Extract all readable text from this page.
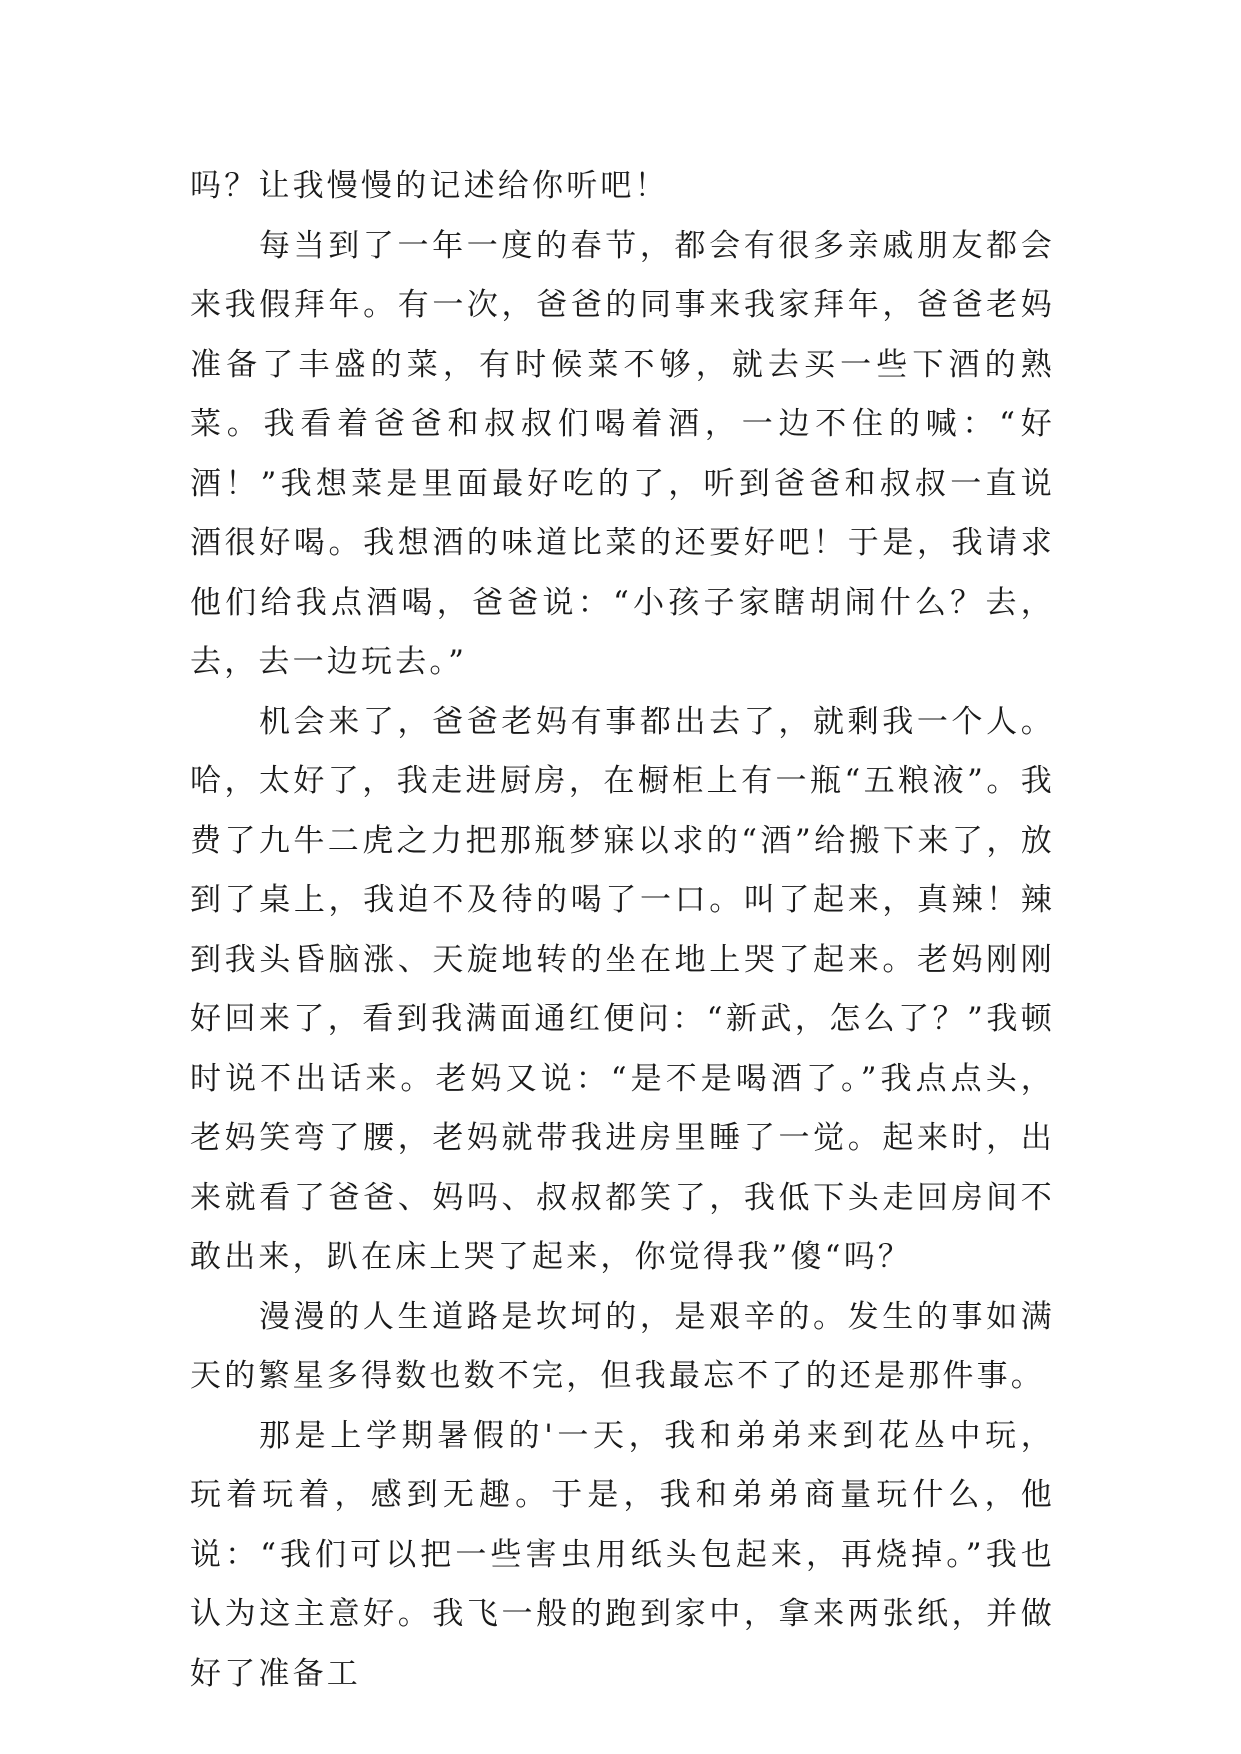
吗？让我慢慢的记述给你听吧！

每当到了一年一度的春节，都会有很多亲戚朋友都会来我假拜年。有一次，爸爸的同事来我家拜年，爸爸老妈准备了丰盛的菜，有时候菜不够，就去买一些下酒的熟菜。我看着爸爸和叔叔们喝着酒，一边不住的喊：“好酒！”我想菜是里面最好吃的了，听到爸爸和叔叔一直说酒很好喝。我想酒的味道比菜的还要好吧！于是，我请求他们给我点酒喝，爸爸说：“小孩子家瞎胡闹什么？去，去，去一边玩去。”

机会来了，爸爸老妈有事都出去了，就剩我一个人。哈，太好了，我走进厨房，在橱柜上有一瓶“五粮液”。我费了九牛二虎之力把那瓶梦寐以求的“酒”给搬下来了，放到了桌上，我迫不及待的喝了一口。叫了起来，真辣！辣到我头昏脑涨、天旋地转的坐在地上哭了起来。老妈刚刚好回来了，看到我满面通红便问：“新武，怎么了？”我顿时说不出话来。老妈又说：“是不是喝酒了。”我点点头，老妈笑弯了腰，老妈就带我进房里睡了一觉。起来时，出来就看了爸爸、妈吗、叔叔都笑了，我低下头走回房间不敢出来，趴在床上哭了起来，你觉得我”傻“吗？

漫漫的人生道路是坎坷的，是艰辛的。发生的事如满天的繁星多得数也数不完，但我最忘不了的还是那件事。

那是上学期暑假的'一天，我和弟弟来到花丛中玩，玩着玩着，感到无趣。于是，我和弟弟商量玩什么，他说：“我们可以把一些害虫用纸头包起来，再烧掉。”我也认为这主意好。我飞一般的跑到家中，拿来两张纸，并做好了准备工
